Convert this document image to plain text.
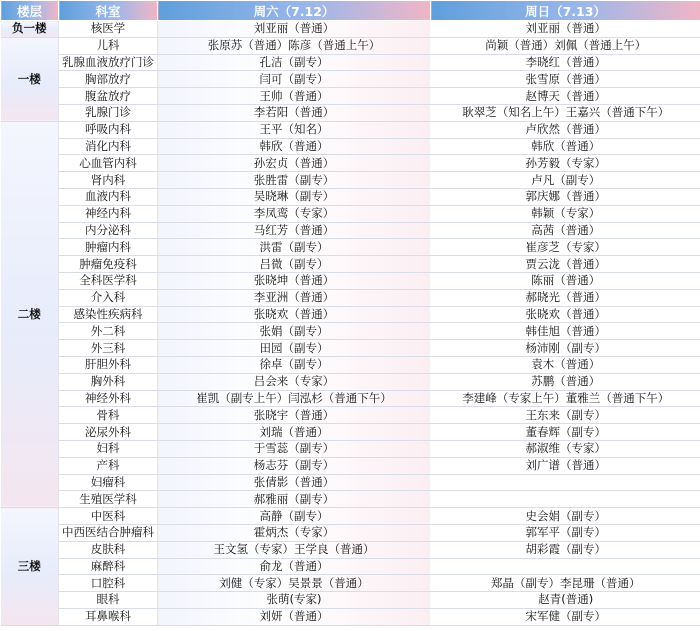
楼层	科室	周六（7.12）	周日（7.13）
负一楼	核医学	刘亚丽（普通）	刘亚丽（普通）
一楼	儿科	张原苏（普通）陈彦（普通上午）	尚颖（普通）刘佩（普通上午）
	乳腺血液放疗门诊	孔洁（副专）	李晓红（普通）
	胸部放疗	闫可（副专）	张雪原（普通）
	腹盆放疗	王帅（普通）	赵博天（普通）
	乳腺门诊	李若阳（普通）	耿翠芝（知名上午）王嘉兴（普通下午）
二楼	呼吸内科	王平（知名）	卢欣然（普通）
	消化内科	韩欣（普通）	韩欣（普通）
	心血管内科	孙宏贞（普通）	孙芳毅（专家）
	肾内科	张胜雷（副专）	卢凡（副专）
	血液内科	吴晓琳（副专）	郭庆娜（普通）
	神经内科	李凤鸾（专家）	韩颖（专家）
	内分泌科	马红芳（普通）	高茜（普通）
	肿瘤内科	洪雷（副专）	崔彦芝（专家）
	肿瘤免疫科	吕微（副专）	贾云泷（普通）
	全科医学科	张晓坤（普通）	陈丽（普通）
	介入科	李亚洲（普通）	郝晓光（普通）
	感染性疾病科	张晓欢（普通）	张晓欢（普通）
	外二科	张娟（副专）	韩佳旭（普通）
	外三科	田园（副专）	杨沛刚（副专）
	肝胆外科	徐卓（副专）	袁木（普通）
	胸外科	吕会来（专家）	苏鹏（普通）
	神经外科	崔凯（副专上午）闫泓杉（普通下午）	李建峰（专家上午）董雅兰（普通下午）
	骨科	张晓宇（普通）	王东来（副专）
	泌尿外科	刘瑞（普通）	董春辉（副专）
	妇科	于雪蕊（副专）	郝淑维（专家）
	产科	杨志芬（副专）	刘广谱（普通）
	妇瘤科	张倩影（普通）	
	生殖医学科	郝雅丽（副专）	
三楼	中医科	高静（副专）	史会娟（副专）
	中西医结合肿瘤科	霍炳杰（专家）	郭军平（副专）
	皮肤科	王文氢（专家）王学良（普通）	胡彩霞（副专）
	麻醉科	俞龙（普通）	
	口腔科	刘健（专家）吴景景（普通）	郑晶（副专）李昆珊（普通）
	眼科	张萌(专家)	赵青(普通)
	耳鼻喉科	刘妍（普通）	宋军健（副专）
